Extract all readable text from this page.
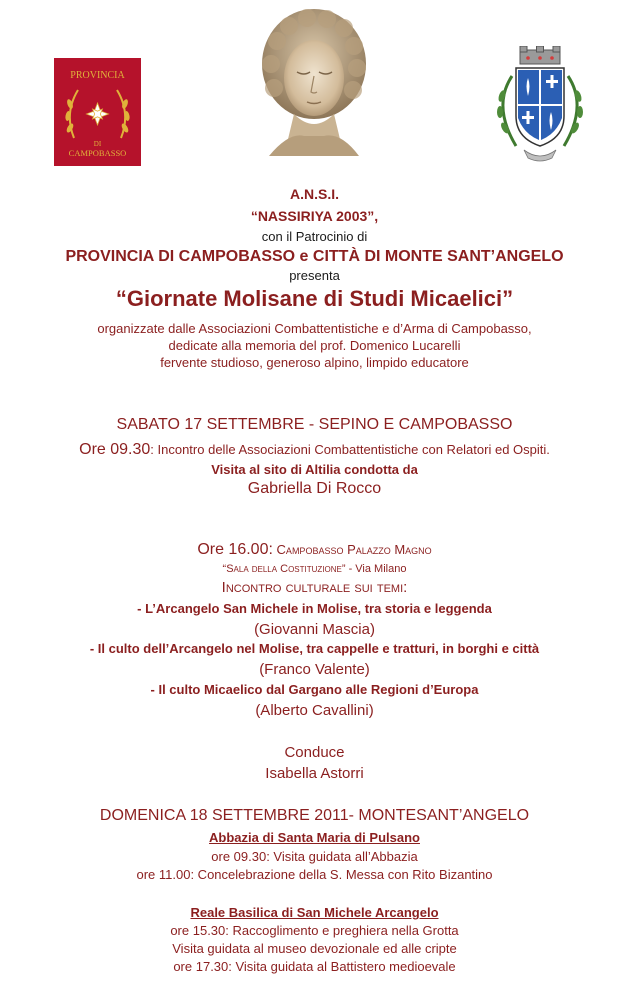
PROVINCIA
DI
CAMPOBASSO
A.N.S.I.
“NASSIRIYA 2003”,
con il Patrocinio di
PROVINCIA DI CAMPOBASSO e CITTÀ DI MONTE SANT’ANGELO
presenta
“Giornate Molisane di Studi Micaelici”
organizzate dalle Associazioni Combattentistiche e d’Arma di Campobasso,
dedicate alla memoria del prof. Domenico Lucarelli
fervente studioso, generoso alpino, limpido educatore
SABATO 17 SETTEMBRE - SEPINO E CAMPOBASSO
Ore 09.30: Incontro delle Associazioni Combattentistiche con Relatori ed Ospiti.
Visita al sito di Altilia condotta da
Gabriella Di Rocco
Ore 16.00: Campobasso Palazzo Magno
“Sala della Costituzione” - Via Milano
Incontro culturale sui temi:
- L’Arcangelo San Michele in Molise, tra storia e leggenda
(Giovanni Mascia)
- Il culto dell’Arcangelo nel Molise, tra cappelle e tratturi, in borghi e città
(Franco Valente)
- Il culto Micaelico dal Gargano alle Regioni d’Europa
(Alberto Cavallini)
Conduce
Isabella Astorri
DOMENICA 18 SETTEMBRE 2011- MONTESANT’ANGELO
Abbazia di Santa Maria di Pulsano
ore 09.30: Visita guidata all’Abbazia
ore 11.00: Concelebrazione della S. Messa con Rito Bizantino
Reale Basilica di San Michele Arcangelo
ore 15.30: Raccoglimento e preghiera nella Grotta
Visita guidata al museo devozionale ed alle cripte
ore 17.30: Visita guidata al Battistero medioevale
